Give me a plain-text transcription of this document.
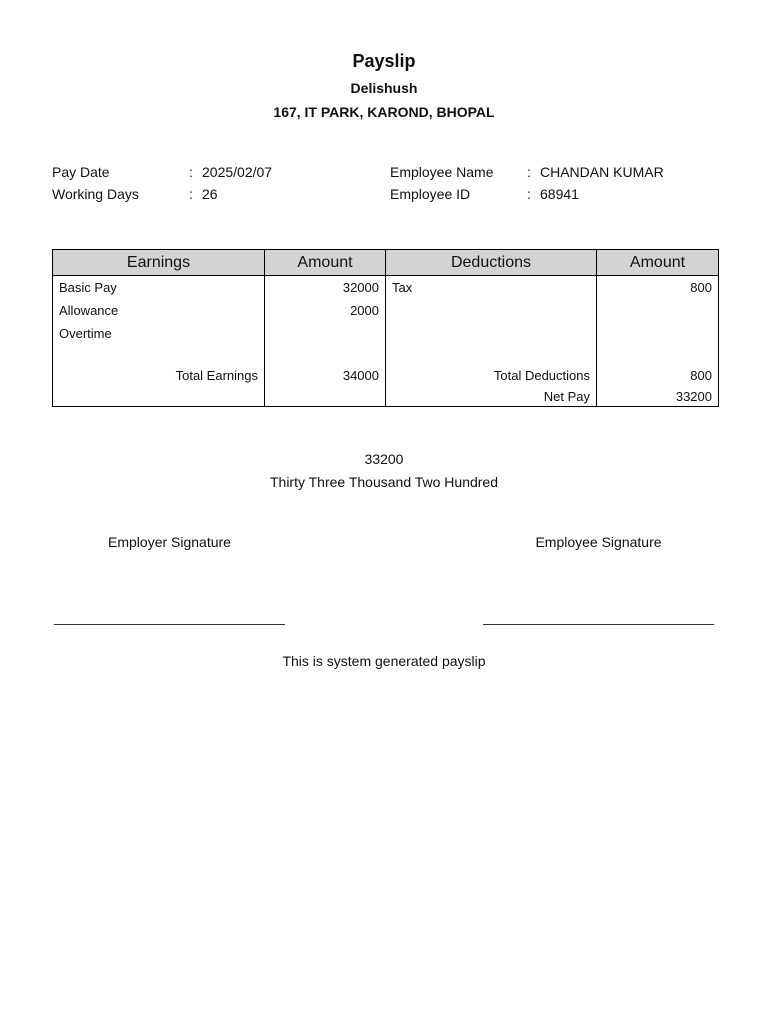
Payslip
Delishush
167, IT PARK, KAROND, BHOPAL
Pay Date	: 2025/02/07
Working Days	: 26
Employee Name : CHANDAN KUMAR
Employee ID	: 68941
Earnings	Amount	Deductions	Amount
Basic Pay	32000	Tax	800
Allowance	2000		
Overtime			

Total Earnings	34000	Total Deductions	800
		Net Pay	33200
33200
Thirty Three Thousand Two Hundred
Employer Signature	Employee Signature
This is system generated payslip
